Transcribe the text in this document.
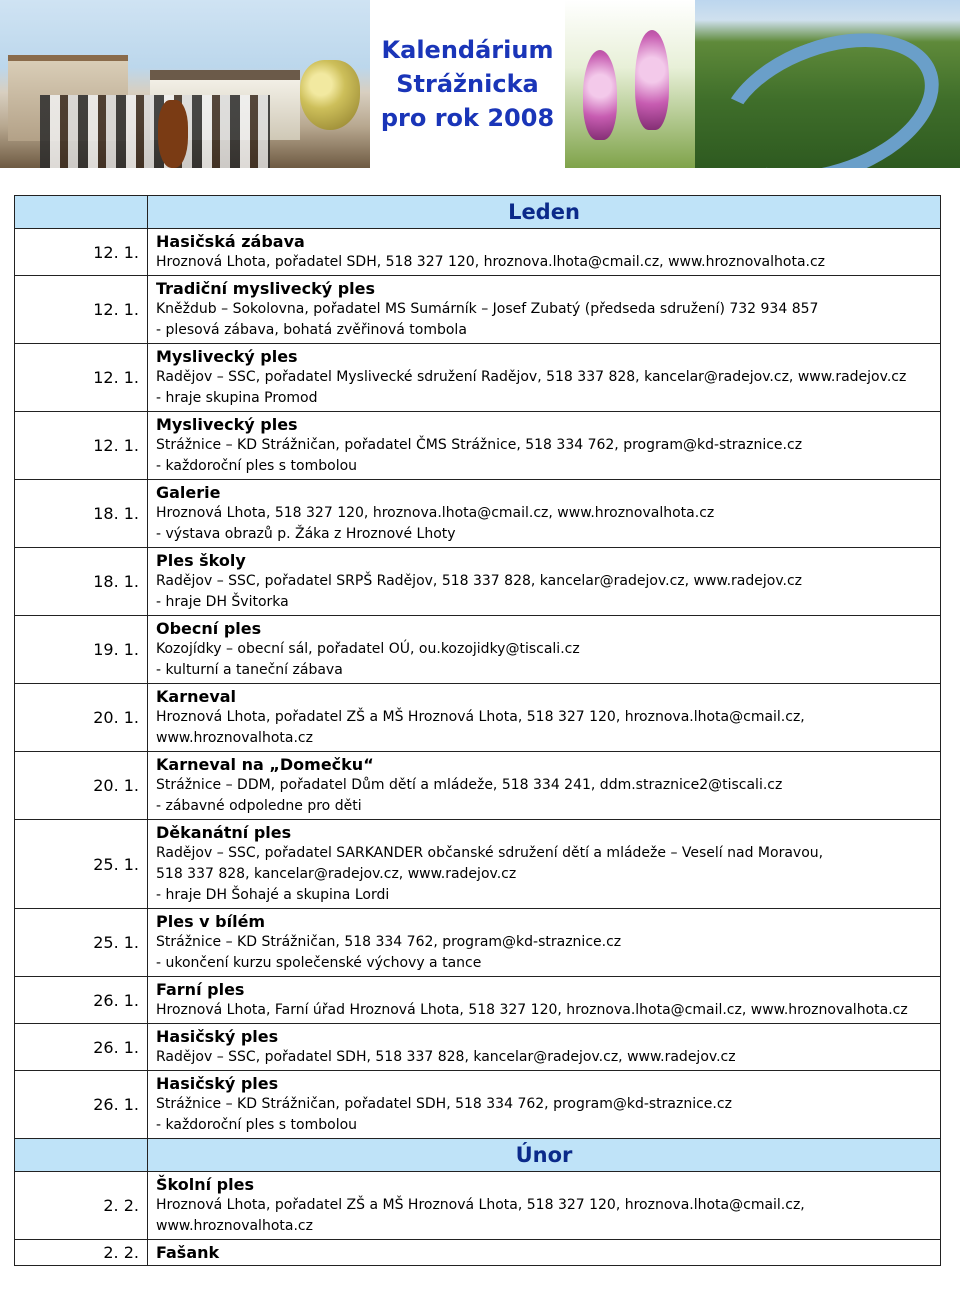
Kalendárium
Strážnicka
pro rok 2008
	Leden
12. 1.	Hasičská zábava
Hroznová Lhota, pořadatel SDH, 518 327 120, hroznova.lhota@cmail.cz, www.hroznovalhota.cz

12. 1.	Tradiční myslivecký ples
Kněždub – Sokolovna, pořadatel MS Sumárník – Josef Zubatý (předseda sdružení) 732 934 857
- plesová zábava, bohatá zvěřinová tombola

12. 1.	Myslivecký ples
Radějov – SSC, pořadatel Myslivecké sdružení Radějov, 518 337 828, kancelar@radejov.cz, www.radejov.cz
- hraje skupina Promod

12. 1.	Myslivecký ples
Strážnice – KD Strážničan, pořadatel ČMS Strážnice, 518 334 762, program@kd-straznice.cz
- každoroční ples s tombolou

18. 1.	Galerie
Hroznová Lhota, 518 327 120, hroznova.lhota@cmail.cz, www.hroznovalhota.cz
- výstava obrazů p. Žáka z Hroznové Lhoty

18. 1.	Ples školy
Radějov – SSC, pořadatel SRPŠ Radějov, 518 337 828, kancelar@radejov.cz, www.radejov.cz
- hraje DH Švitorka

19. 1.	Obecní ples
Kozojídky – obecní sál, pořadatel OÚ, ou.kozojidky@tiscali.cz
- kulturní a taneční zábava

20. 1.	Karneval
Hroznová Lhota, pořadatel ZŠ a MŠ Hroznová Lhota, 518 327 120, hroznova.lhota@cmail.cz,
www.hroznovalhota.cz

20. 1.	Karneval na „Domečku“
Strážnice – DDM, pořadatel Dům dětí a mládeže, 518 334 241, ddm.straznice2@tiscali.cz
- zábavné odpoledne pro děti

25. 1.	Děkanátní ples
Radějov – SSC, pořadatel SARKANDER občanské sdružení dětí a mládeže – Veselí nad Moravou,
518 337 828, kancelar@radejov.cz, www.radejov.cz
- hraje DH Šohajé a skupina Lordi

25. 1.	Ples v bílém
Strážnice – KD Strážničan, 518 334 762, program@kd-straznice.cz
- ukončení kurzu společenské výchovy a tance

26. 1.	Farní ples
Hroznová Lhota, Farní úřad Hroznová Lhota, 518 327 120, hroznova.lhota@cmail.cz, www.hroznovalhota.cz

26. 1.	Hasičský ples
Radějov – SSC, pořadatel SDH, 518 337 828, kancelar@radejov.cz, www.radejov.cz

26. 1.	Hasičský ples
Strážnice – KD Strážničan, pořadatel SDH, 518 334 762, program@kd-straznice.cz
- každoroční ples s tombolou

	Únor
2. 2.	Školní ples
Hroznová Lhota, pořadatel ZŠ a MŠ Hroznová Lhota, 518 327 120, hroznova.lhota@cmail.cz,
www.hroznovalhota.cz

2. 2.	Fašank
